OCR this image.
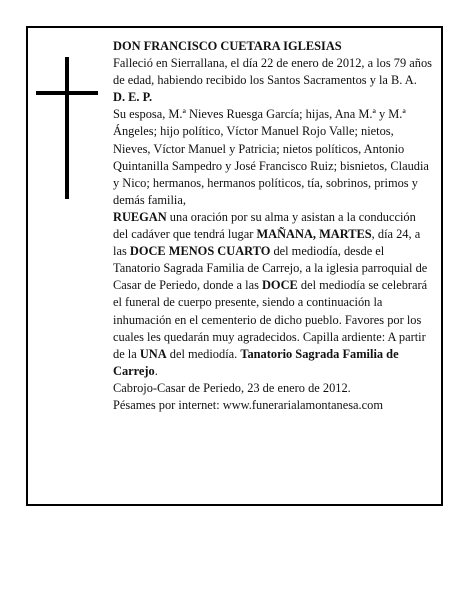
DON FRANCISCO CUETARA IGLESIAS

Falleció en Sierrallana, el día 22 de enero de 2012, a los 79 años de edad, habiendo recibido los Santos Sacramentos y la B. A.

D. E. P.

Su esposa, M.ª Nieves Ruesga García; hijas, Ana M.ª y M.ª Ángeles; hijo político, Víctor Manuel Rojo Valle; nietos, Nieves, Víctor Manuel y Patricia; nietos políticos, Antonio Quintanilla Sampedro y José Francisco Ruiz; bisnietos, Claudia y Nico; hermanos, hermanos políticos, tía, sobrinos, primos y demás familia,

RUEGAN una oración por su alma y asistan a la conducción del cadáver que tendrá lugar MAÑANA, MARTES, día 24, a las DOCE MENOS CUARTO del mediodía, desde el Tanatorio Sagrada Familia de Carrejo, a la iglesia parroquial de Casar de Periedo, donde a las DOCE del mediodía se celebrará el funeral de cuerpo presente, siendo a continuación la inhumación en el cementerio de dicho pueblo. Favores por los cuales les quedarán muy agradecidos. Capilla ardiente: A partir de la UNA del mediodía. Tanatorio Sagrada Familia de Carrejo.

Cabrojo-Casar de Periedo, 23 de enero de 2012.

Pésames por internet: www.funerarialamontanesa.com
